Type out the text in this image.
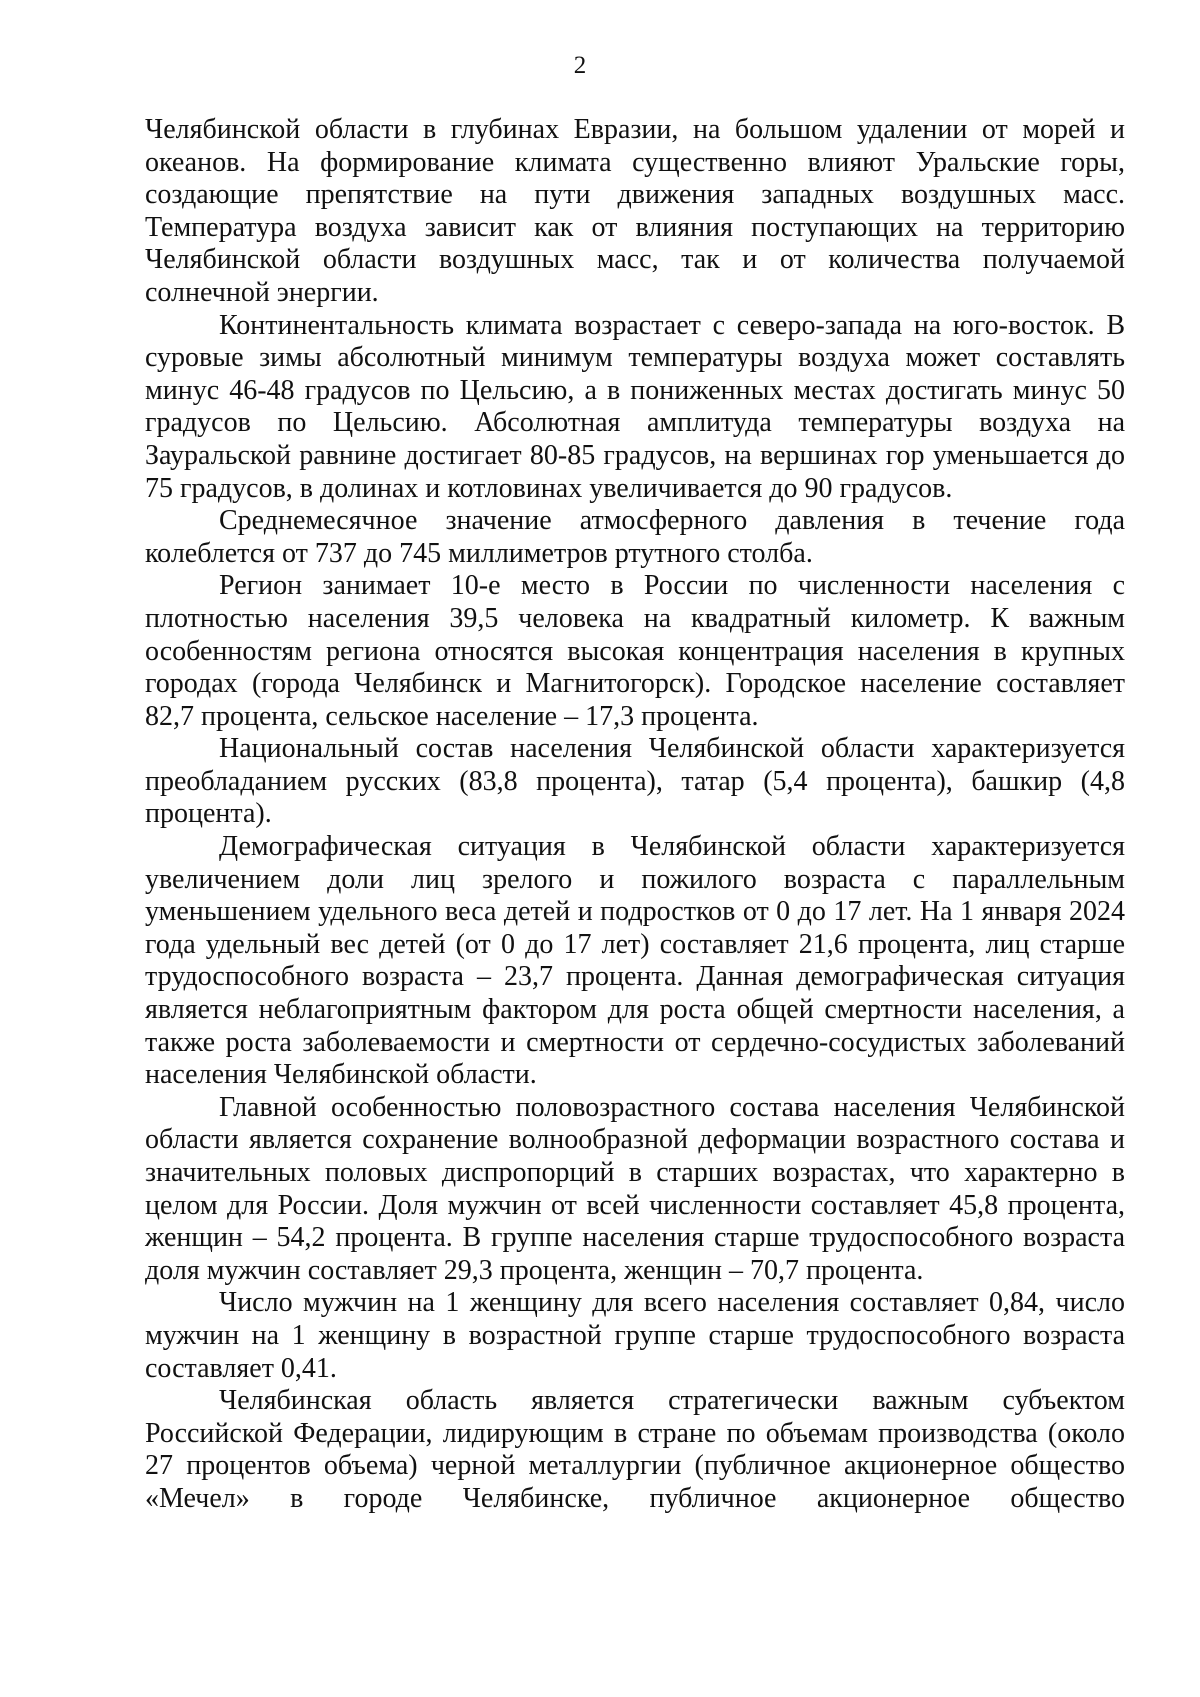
2

Челябинской области в глубинах Евразии, на большом удалении от морей и океанов. На формирование климата существенно влияют Уральские горы, создающие препятствие на пути движения западных воздушных масс. Температура воздуха зависит как от влияния поступающих на территорию Челябинской области воздушных масс, так и от количества получаемой солнечной энергии.

Континентальность климата возрастает с северо-запада на юго-восток. В суровые зимы абсолютный минимум температуры воздуха может составлять минус 46-48 градусов по Цельсию, а в пониженных местах достигать минус 50 градусов по Цельсию. Абсолютная амплитуда температуры воздуха на Зауральской равнине достигает 80-85 градусов, на вершинах гор уменьшается до 75 градусов, в долинах и котловинах увеличивается до 90 градусов.

Среднемесячное значение атмосферного давления в течение года колеблется от 737 до 745 миллиметров ртутного столба.

Регион занимает 10-е место в России по численности населения с плотностью населения 39,5 человека на квадратный километр. К важным особенностям региона относятся высокая концентрация населения в крупных городах (города Челябинск и Магнитогорск). Городское население составляет 82,7 процента, сельское население – 17,3 процента.

Национальный состав населения Челябинской области характеризуется преобладанием русских (83,8 процента), татар (5,4 процента), башкир (4,8 процента).

Демографическая ситуация в Челябинской области характеризуется увеличением доли лиц зрелого и пожилого возраста с параллельным уменьшением удельного веса детей и подростков от 0 до 17 лет. На 1 января 2024 года удельный вес детей (от 0 до 17 лет) составляет 21,6 процента, лиц старше трудоспособного возраста – 23,7 процента. Данная демографическая ситуация является неблагоприятным фактором для роста общей смертности населения, а также роста заболеваемости и смертности от сердечно-сосудистых заболеваний населения Челябинской области.

Главной особенностью половозрастного состава населения Челябинской области является сохранение волнообразной деформации возрастного состава и значительных половых диспропорций в старших возрастах, что характерно в целом для России. Доля мужчин от всей численности составляет 45,8 процента, женщин – 54,2 процента. В группе населения старше трудоспособного возраста доля мужчин составляет 29,3 процента, женщин – 70,7 процента.

Число мужчин на 1 женщину для всего населения составляет 0,84, число мужчин на 1 женщину в возрастной группе старше трудоспособного возраста составляет 0,41.

Челябинская область является стратегически важным субъектом Российской Федерации, лидирующим в стране по объемам производства (около 27 процентов объема) черной металлургии (публичное акционерное общество «Мечел» в городе Челябинске, публичное акционерное общество
